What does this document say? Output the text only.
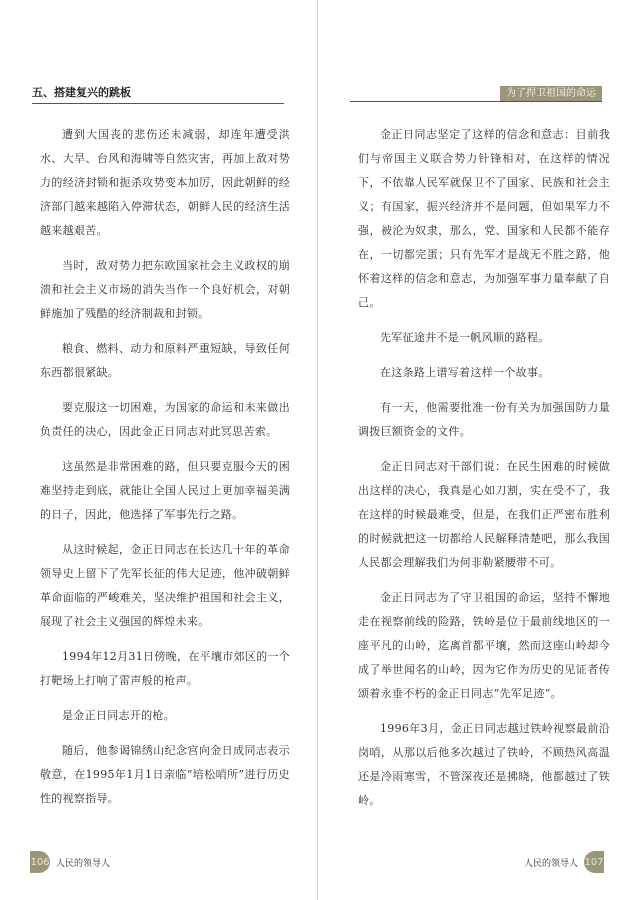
五、搭建复兴的跳板

遭到大国丧的悲伤还未减弱，却连年遭受洪水、大旱、台风和海啸等自然灾害，再加上敌对势力的经济封锁和扼杀攻势变本加厉，因此朝鲜的经济部门越来越陷入停滞状态，朝鲜人民的经济生活越来越艰苦。

当时，敌对势力把东欧国家社会主义政权的崩溃和社会主义市场的消失当作一个良好机会，对朝鲜施加了残酷的经济制裁和封锁。

粮食、燃料、动力和原料严重短缺，导致任何东西都很紧缺。

要克服这一切困难，为国家的命运和未来做出负责任的决心，因此金正日同志对此冥思苦索。

这虽然是非常困难的路，但只要克服今天的困难坚持走到底，就能让全国人民过上更加幸福美满的日子，因此，他选择了军事先行之路。

从这时候起，金正日同志在长达几十年的革命领导史上留下了先军长征的伟大足迹，他冲破朝鲜革命面临的严峻难关，坚决维护祖国和社会主义，展现了社会主义强国的辉煌未来。

1994年12月31日傍晚，在平壤市郊区的一个打靶场上打响了雷声般的枪声。

是金正日同志开的枪。

随后，他参谒锦绣山纪念宫向金日成同志表示敬意，在1995年1月1日亲临“培松哨所”进行历史性的视察指导。

106 人民的领导人
为了捍卫祖国的命运

金正日同志坚定了这样的信念和意志：目前我们与帝国主义联合势力针锋相对，在这样的情况下，不依靠人民军就保卫不了国家、民族和社会主义；有国家，振兴经济并不是问题，但如果军力不强，被沦为奴隶，那么，党、国家和人民都不能存在，一切都完蛋；只有先军才是战无不胜之路，他怀着这样的信念和意志，为加强军事力量奉献了自己。

先军征途并不是一帆风顺的路程。

在这条路上谱写着这样一个故事。

有一天，他需要批准一份有关为加强国防力量调拨巨额资金的文件。

金正日同志对干部们说：在民生困难的时候做出这样的决心，我真是心如刀割，实在受不了，我在这样的时候最难受，但是，在我们正严密布胜利的时候就把这一切都给人民解释清楚吧，那么我国人民都会理解我们为何非勒紧腰带不可。

金正日同志为了守卫祖国的命运，坚持不懈地走在视察前线的险路，铁岭是位于最前线地区的一座平凡的山岭，迄离首都平壤，然而这座山岭却今成了举世闻名的山岭，因为它作为历史的见证者传颂着永垂不朽的金正日同志“先军足迹”。

1996年3月，金正日同志越过铁岭视察最前沿岗哨，从那以后他多次越过了铁岭，不顾热风高温还是冷雨寒雪，不管深夜还是拂晓，他都越过了铁岭。

人民的领导人 107
